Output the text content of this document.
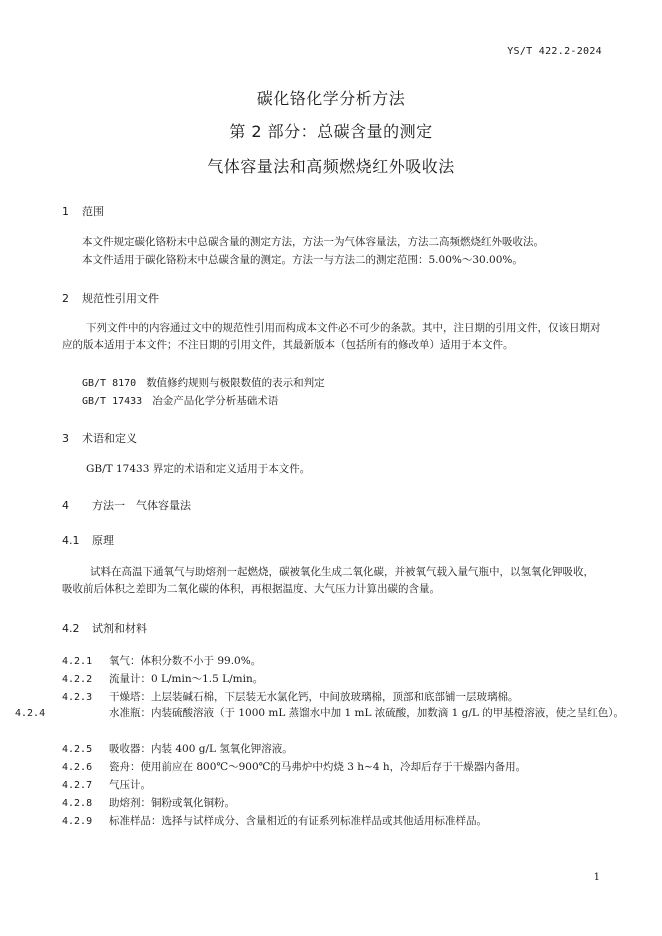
YS/T 422.2-2024
碳化铬化学分析方法
第 2 部分：总碳含量的测定
气体容量法和高频燃烧红外吸收法
1 范围
本文件规定碳化铬粉末中总碳含量的测定方法，方法一为气体容量法，方法二高频燃烧红外吸收法。
本文件适用于碳化铬粉末中总碳含量的测定。方法一与方法二的测定范围：5.00%～30.00%。
2 规范性引用文件
下列文件中的内容通过文中的规范性引用而构成本文件必不可少的条款。其中，注日期的引用文件，仅该日期对应的版本适用于本文件；不注日期的引用文件，其最新版本（包括所有的修改单）适用于本文件。
GB/T 8170 数值修约规则与极限数值的表示和判定
GB/T 17433 冶金产品化学分析基础术语
3 术语和定义
GB/T 17433 界定的术语和定义适用于本文件。
4 方法一　气体容量法
4.1 原理
试料在高温下通氧气与助熔剂一起燃烧，碳被氧化生成二氧化碳，并被氧气载入量气瓶中，以氢氧化钾吸收，吸收前后体积之差即为二氧化碳的体积，再根据温度、大气压力计算出碳的含量。
4.2 试剂和材料
4.2.1 氧气：体积分数不小于 99.0%。
4.2.2 流量计：0 L/min～1.5 L/min。
4.2.3 干燥塔：上层装碱石棉，下层装无水氯化钙，中间放玻璃棉，顶部和底部铺一层玻璃棉。
4.2.4	水准瓶：内装硫酸溶液（于 1000 mL 蒸馏水中加 1 mL 浓硫酸，加数滴 1 g/L 的甲基橙溶液，使之呈红色）。
4.2.5 吸收器：内装 400 g/L 氢氧化钾溶液。
4.2.6 瓷舟：使用前应在 800℃～900℃的马弗炉中灼烧 3 h~4 h，冷却后存于干燥器内备用。
4.2.7 气压计。
4.2.8 助熔剂：铜粉或氧化铜粉。
4.2.9 标准样品：选择与试样成分、含量相近的有证系列标准样品或其他适用标准样品。
1
